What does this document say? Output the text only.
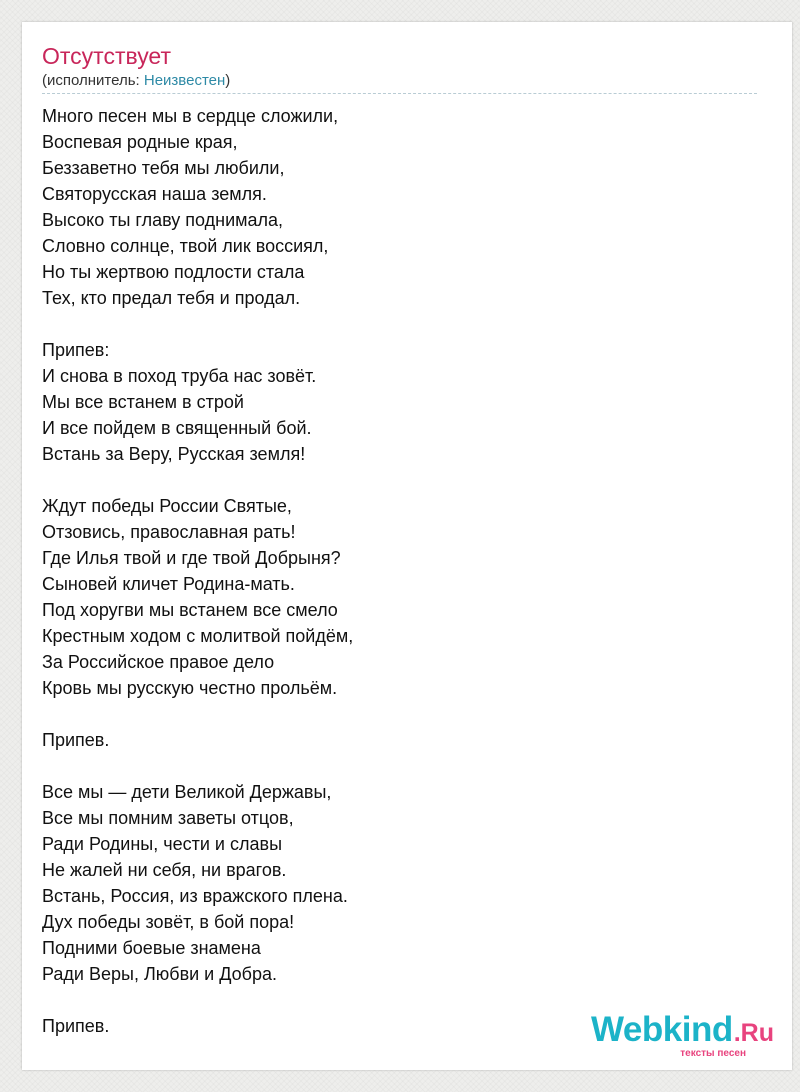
Отсутствует
(исполнитель: Неизвестен)
Много песен мы в сердце сложили,
Воспевая родные края,
Беззаветно тебя мы любили,
Святорусская наша земля.
Высоко ты главу поднимала,
Словно солнце, твой лик воссиял,
Но ты жертвою подлости стала
Тех, кто предал тебя и продал.
Припев:
И снова в поход труба нас зовёт.
Мы все встанем в строй
И все пойдем в священный бой.
Встань за Веру, Русская земля!
Ждут победы России Святые,
Отзовись, православная рать!
Где Илья твой и где твой Добрыня?
Сыновей кличет Родина-мать.
Под хоругви мы встанем все смело
Крестным ходом с молитвой пойдём,
За Российское правое дело
Кровь мы русскую честно прольём.
Припев.
Все мы — дети Великой Державы,
Все мы помним заветы отцов,
Ради Родины, чести и славы
Не жалей ни себя, ни врагов.
Встань, Россия, из вражского плена.
Дух победы зовёт, в бой пора!
Подними боевые знамена
Ради Веры, Любви и Добра.
Припев.	Webkind.Ru
тексты песен
